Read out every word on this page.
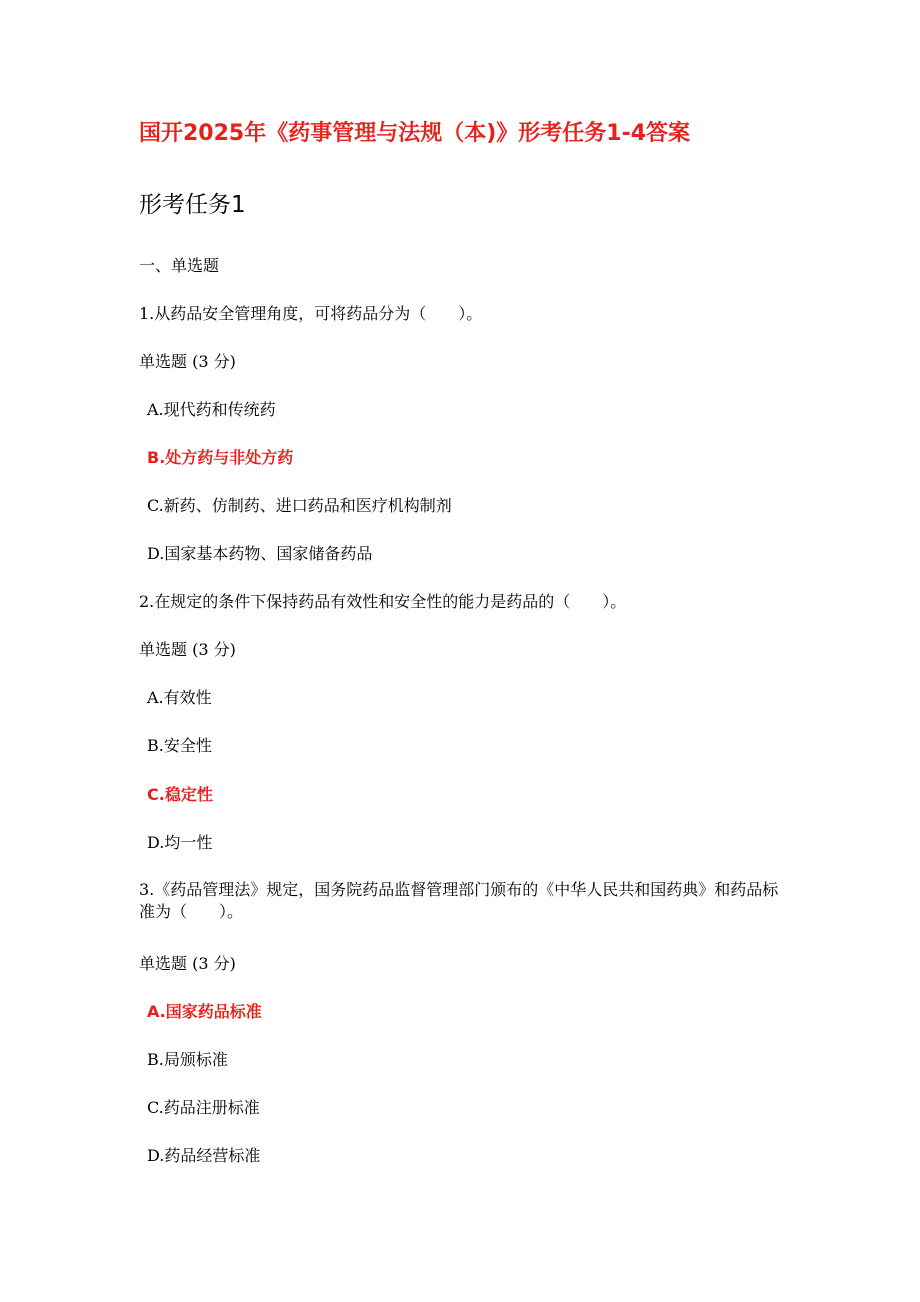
国开2025年《药事管理与法规（本)》形考任务1-4答案
形考任务1
一、单选题
1.从药品安全管理角度，可将药品分为（　　）。
单选题 (3 分)
A.现代药和传统药
B.处方药与非处方药
C.新药、仿制药、进口药品和医疗机构制剂
D.国家基本药物、国家储备药品
2.在规定的条件下保持药品有效性和安全性的能力是药品的（　　）。
单选题 (3 分)
A.有效性
B.安全性
C.稳定性
D.均一性
3.《药品管理法》规定，国务院药品监督管理部门颁布的《中华人民共和国药典》和药品标准为（　　）。
单选题 (3 分)
A.国家药品标准
B.局颁标准
C.药品注册标准
D.药品经营标准
